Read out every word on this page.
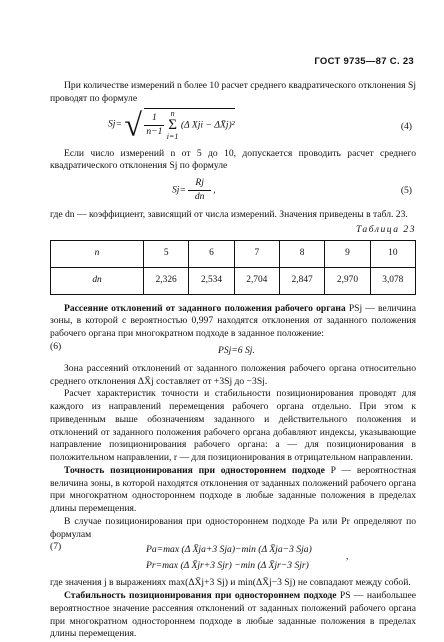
ГОСТ 9735—87 С. 23

При количестве измерений n более 10 расчет среднего квадратического отклонения Sj проводят по формуле

Sj= √ $\frac{1}{n-1}$
n
Σ
i=1
(Δ Xji − ΔX̄j)²	(4)

Если число измерений n от 5 до 10, допускается проводить расчет среднего квадратического отклонения Sj по формуле

$Sj= \frac{Rj}{dn}$ ,	(5)

где dn — коэффициент, зависящий от числа измерений. Значения приведены в табл. 23.

Таблица 23
n	5	6	7	8	9	10
dn	2,326	2,534	2,704	2,847	2,970	3,078

Рассеяние отклонений от заданного положения рабочего органа PSj — величина зоны, в которой с вероятностью 0,997 находятся отклонения от заданного положения рабочего органа при многократном подходе в заданное положение:

PSj=6 Sj.
(6)

Зона рассеяний отклонений от заданного положения рабочего органа относительно среднего отклонения ΔX̄j составляет от +3Sj до −3Sj.

Расчет характеристик точности и стабильности позиционирования проводят для каждого из направлений перемещения рабочего органа отдельно. При этом к приведенным выше обозначениям заданного и действительного положения и отклонений от заданного положения рабочего органа добавляют индексы, указывающие направление позиционирования рабочего органа: a — для позиционирования в положительном направлении, r — для позиционирования в отрицательном направлении.

Точность позиционирования при одностороннем подходе P — вероятностная величина зоны, в которой находятся отклонения от заданных положений рабочего органа при многократном одностороннем подходе в любые заданные положения в пределах длины перемещения.

В случае позиционирования при одностороннем подходе Pa или Pr определяют по формулам

Pa=max (Δ X̄ja+3 Sja)−min (Δ X̄ja−3 Sja)
Pr=max (Δ X̄jr+3 Sjr) −min (Δ X̄jr−3 Sjr)
,
(7)

где значения j в выражениях max(ΔX̄j+3 Sj) и min(ΔX̄j−3 Sj) не совпадают между собой.

Стабильность позиционирования при одностороннем подходе PS — наибольшее вероятностное значение рассеяния отклонений от заданных положений рабочего органа при многократном одностороннем подходе в любые заданные положения в пределах длины перемещения.
